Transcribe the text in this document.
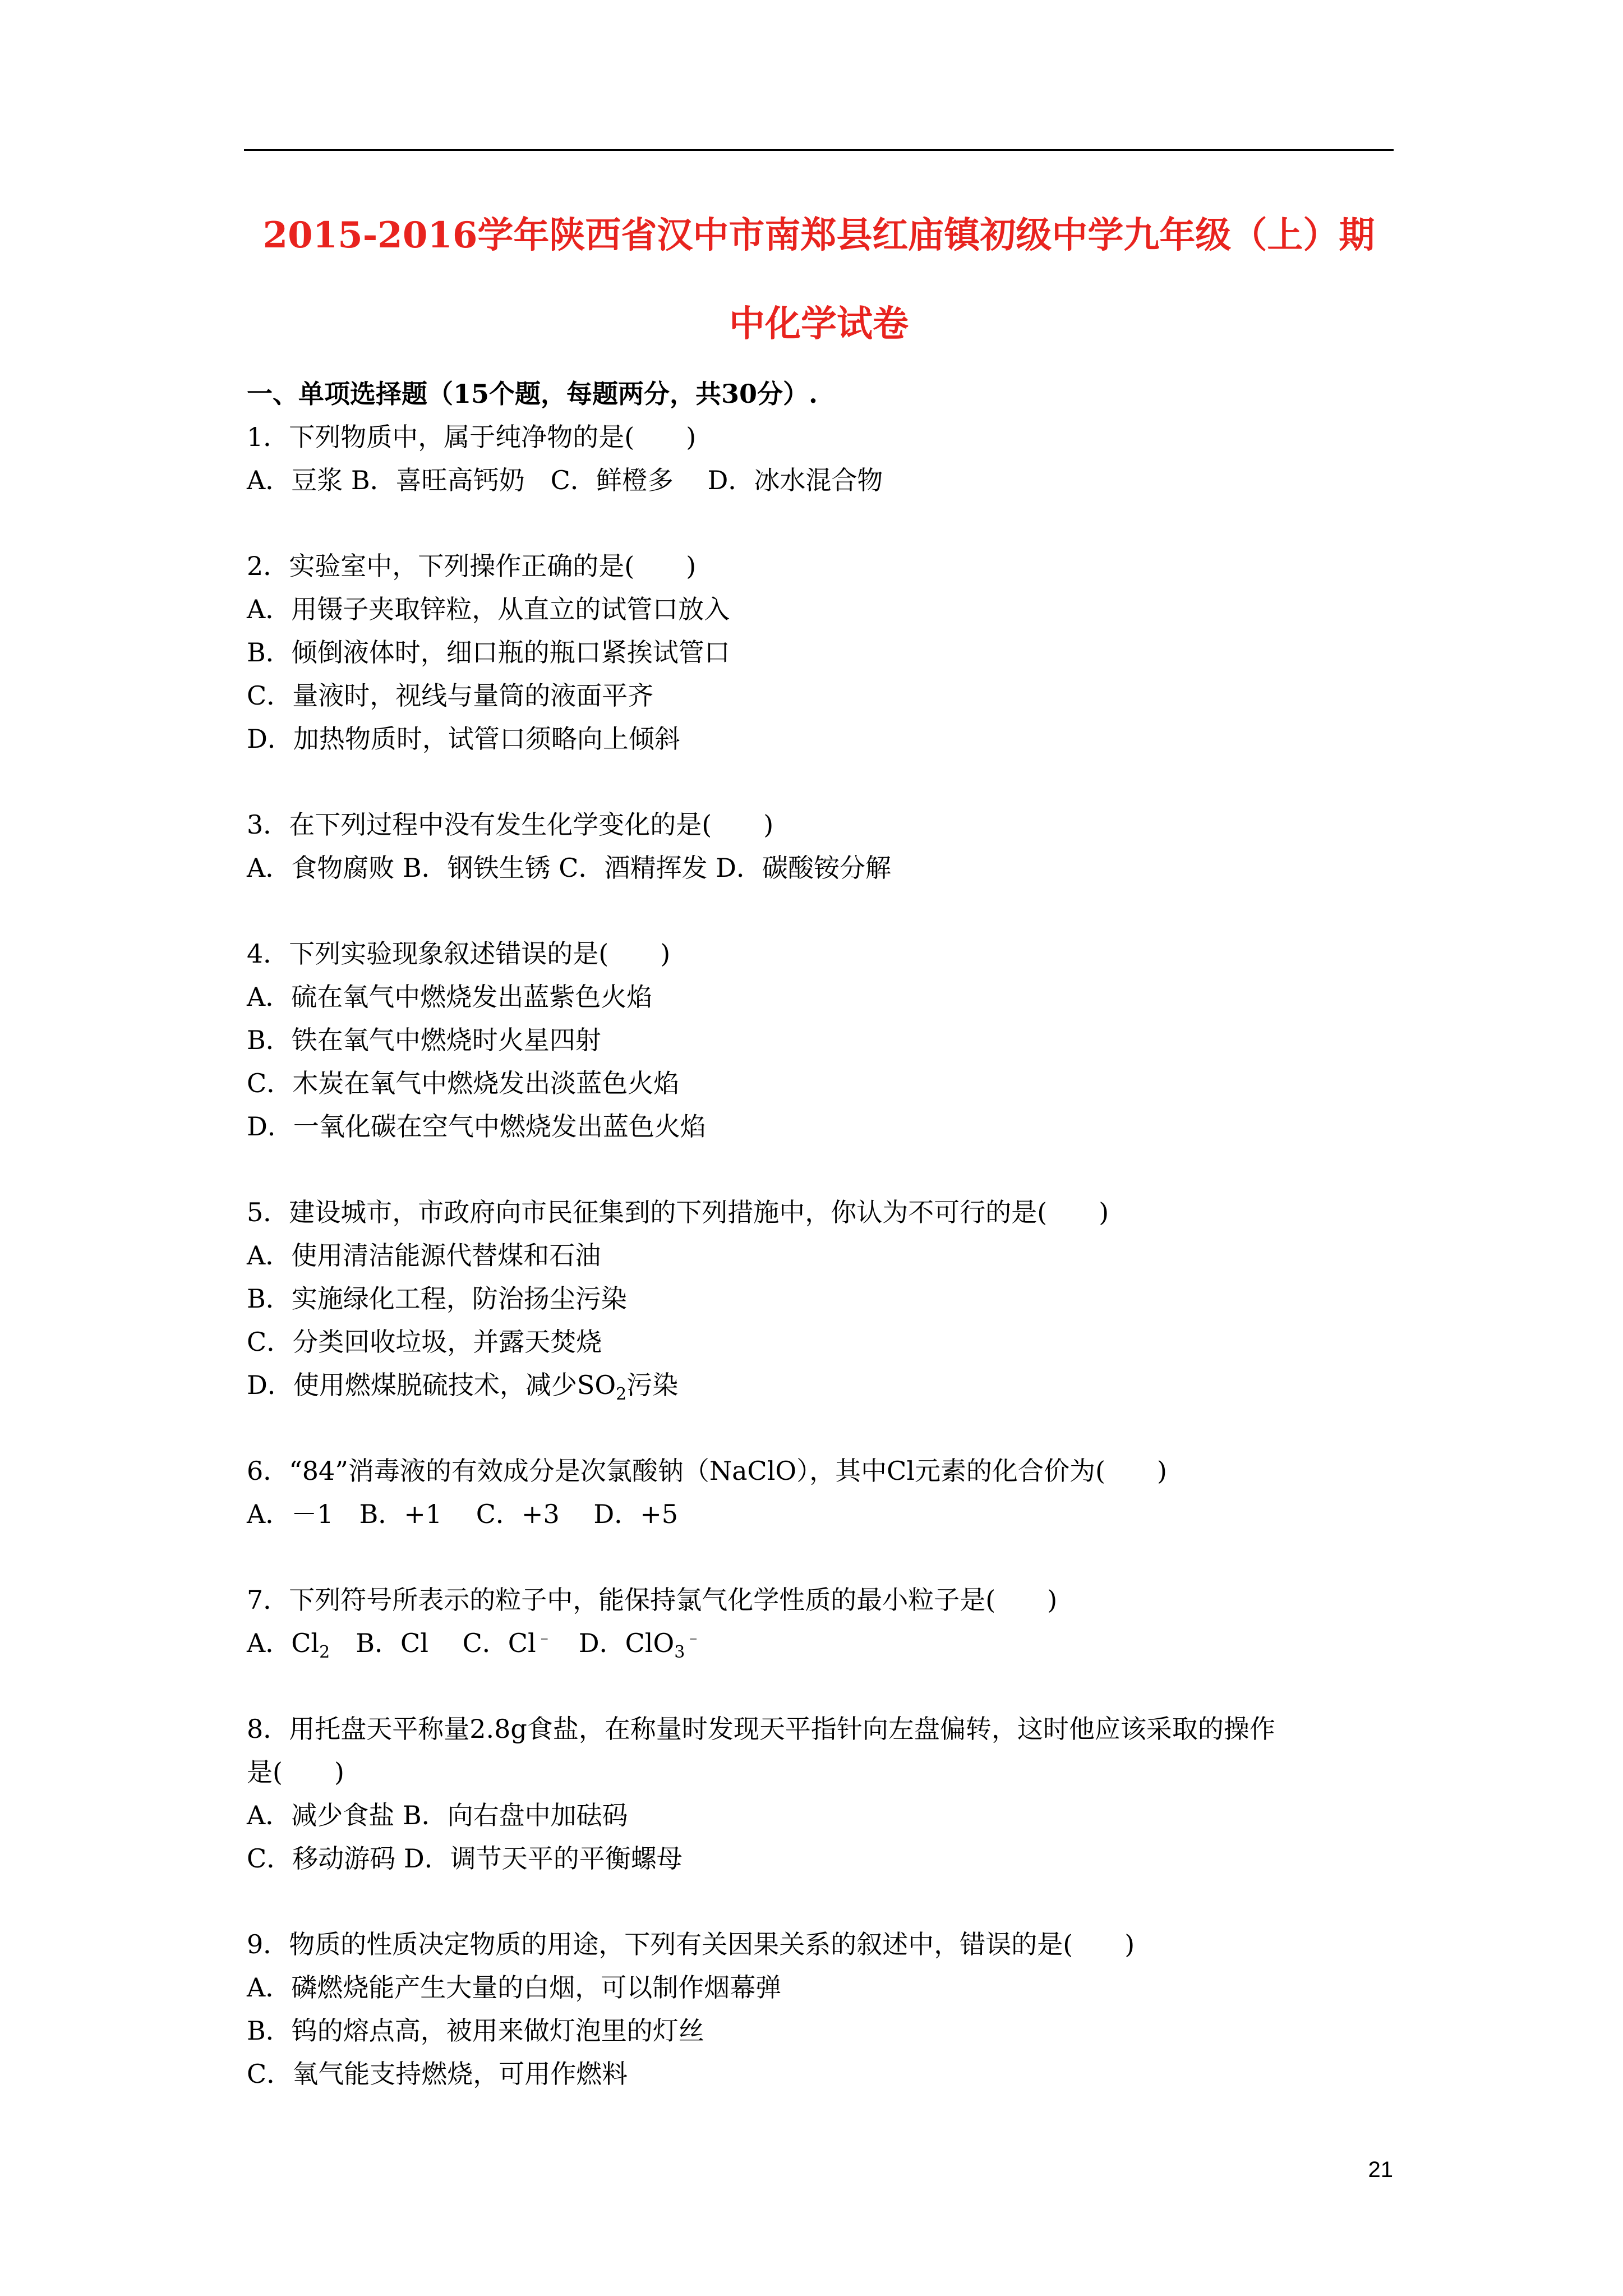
2015-2016学年陕西省汉中市南郑县红庙镇初级中学九年级（上）期
中化学试卷
一、单项选择题（15个题，每题两分，共30分）.
1．下列物质中，属于纯净物的是(　　)
A．豆浆 B．喜旺高钙奶　C．鲜橙多　 D．冰水混合物
2．实验室中，下列操作正确的是(　　)
A．用镊子夹取锌粒，从直立的试管口放入
B．倾倒液体时，细口瓶的瓶口紧挨试管口
C．量液时，视线与量筒的液面平齐
D．加热物质时，试管口须略向上倾斜
3．在下列过程中没有发生化学变化的是(　　)
A．食物腐败 B．钢铁生锈 C．酒精挥发 D．碳酸铵分解
4．下列实验现象叙述错误的是(　　)
A．硫在氧气中燃烧发出蓝紫色火焰
B．铁在氧气中燃烧时火星四射
C．木炭在氧气中燃烧发出淡蓝色火焰
D．一氧化碳在空气中燃烧发出蓝色火焰
5．建设城市，市政府向市民征集到的下列措施中，你认为不可行的是(　　)
A．使用清洁能源代替煤和石油
B．实施绿化工程，防治扬尘污染
C．分类回收垃圾，并露天焚烧
D．使用燃煤脱硫技术，减少$SO_2$污染
6．“84”消毒液的有效成分是次氯酸钠（NaClO），其中Cl元素的化合价为(　　)
A．－1　B．+1　 C．+3　 D．+5
7．下列符号所表示的粒子中，能保持氯气化学性质的最小粒子是(　　)
A．$Cl_2$　B．Cl　 C．Cl﹣　D．ClO$_3$﹣
8．用托盘天平称量2.8g食盐，在称量时发现天平指针向左盘偏转，这时他应该采取的操作
是(　　)
A．减少食盐 B．向右盘中加砝码
C．移动游码 D．调节天平的平衡螺母
9．物质的性质决定物质的用途，下列有关因果关系的叙述中，错误的是(　　)
A．磷燃烧能产生大量的白烟，可以制作烟幕弹
B．钨的熔点高，被用来做灯泡里的灯丝
C．氧气能支持燃烧，可用作燃料
21
